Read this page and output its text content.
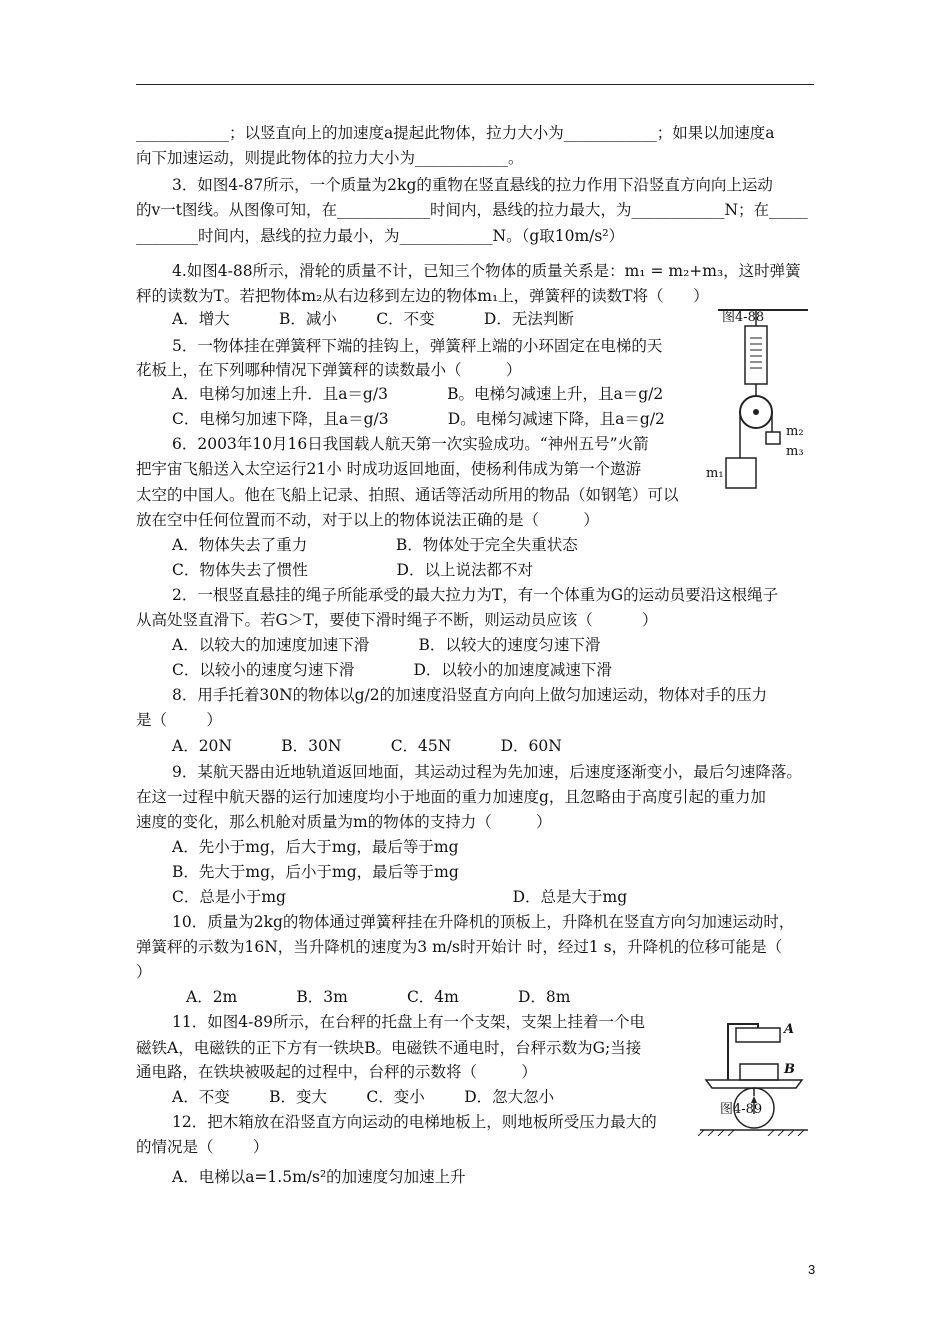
____________；以竖直向上的加速度a提起此物体，拉力大小为____________；如果以加速度a
向下加速运动，则提此物体的拉力大小为____________。
3．如图4-87所示，一个质量为2kg的重物在竖直悬线的拉力作用下沿竖直方向向上运动
的v一t图线。从图像可知，在____________时间内，悬线的拉力最大，为____________N；在_____
________时间内，悬线的拉力最小，为____________N。（g取10m/s²）
4.如图4-88所示，滑轮的质量不计，已知三个物体的质量关系是：m₁ = m₂+m₃，这时弹簧
秤的读数为T。若把物体m₂从右边移到左边的物体m₁上，弹簧秤的读数T将（      ）
A．增大          B．减小        C．不变          D．无法判断
5．一物体挂在弹簧秤下端的挂钩上，弹簧秤上端的小环固定在电梯的天
花板上，在下列哪种情况下弹簧秤的读数最小（         ）
A．电梯匀加速上升．且a＝g/3            B。电梯匀减速上升，且a＝g/2
C．电梯匀加速下降，且a＝g/3            D。电梯匀减速下降，且a＝g/2
6．2003年10月16日我国载人航天第一次实验成功。“神州五号”火箭
把宇宙飞船送入太空运行21小 时成功返回地面，使杨利伟成为第一个遨游
太空的中国人。他在飞船上记录、拍照、通话等活动所用的物品（如钢笔）可以
放在空中任何位置而不动，对于以上的物体说法正确的是（         ）
A．物体失去了重力                  B．物体处于完全失重状态
C．物体失去了惯性                  D．以上说法都不对
2．一根竖直悬挂的绳子所能承受的最大拉力为T，有一个体重为G的运动员要沿这根绳子
从高处竖直滑下。若G＞T，要使下滑时绳子不断，则运动员应该（          ）
A．以较大的加速度加速下滑          B．以较大的速度匀速下滑
C．以较小的速度匀速下滑            D．以较小的加速度减速下滑
8．用手托着30N的物体以g/2的加速度沿竖直方向向上做匀加速运动，物体对手的压力
是（        ）
A．20N          B．30N          C．45N          D．60N
9．某航天器由近地轨道返回地面，其运动过程为先加速，后速度逐渐变小，最后匀速降落。
在这一过程中航天器的运行加速度均小于地面的重力加速度g，且忽略由于高度引起的重力加
速度的变化，那么机舱对质量为m的物体的支持力（         ）
A．先小于mg，后大于mg，最后等于mg
B．先大于mg，后小于mg，最后等于mg
C．总是小于mg                                              D．总是大于mg
10．质量为2kg的物体通过弹簧秤挂在升降机的顶板上，升降机在竖直方向匀加速运动时，
弹簧秤的示数为16N，当升降机的速度为3 m/s时开始计 时，经过1 s，升降机的位移可能是（
）
A．2m            B．3m            C．4m            D．8m
11．如图4-89所示，在台秤的托盘上有一个支架，支架上挂着一个电
磁铁A，电磁铁的正下方有一铁块B。电磁铁不通电时，台秤示数为G;当接
通电路，在铁块被吸起的过程中，台秤的示数将（         ）
A．不变        B．变大        C．变小        D．忽大忽小
12．把木箱放在沿竖直方向运动的电梯地板上，则地板所受压力最大的
的情况是（        ）
A．电梯以a=1.5m/s²的加速度匀加速上升
图4-88
m₂
m₃
m₁
A
B
图4-89
3
